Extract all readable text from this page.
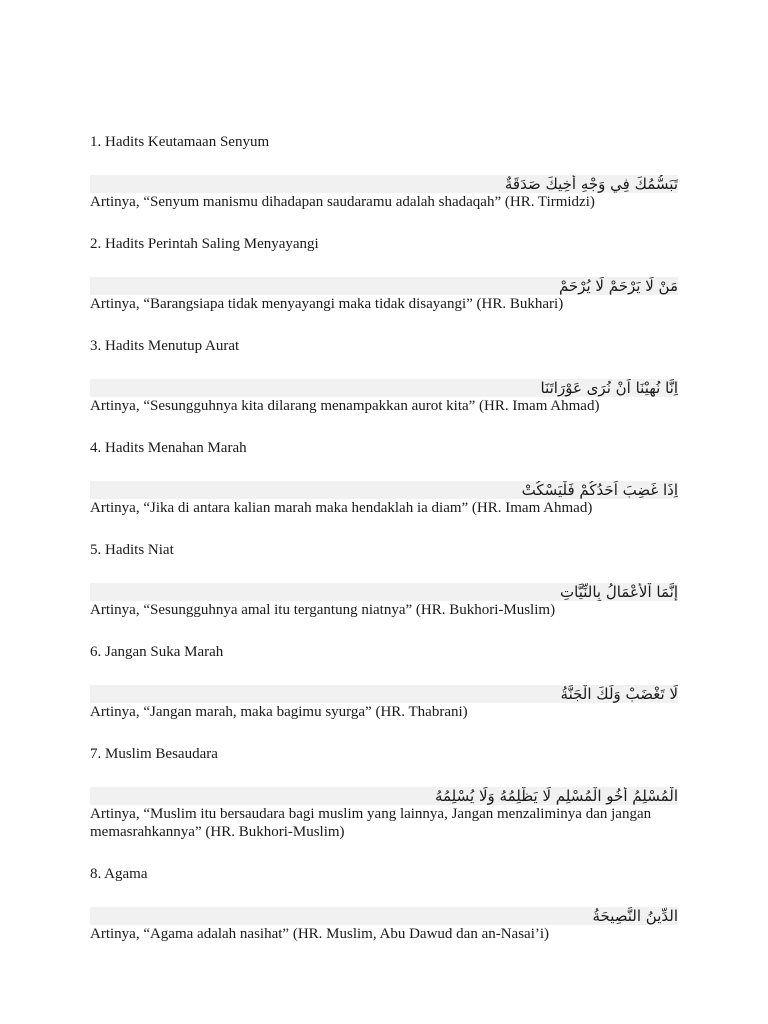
1. Hadits Keutamaan Senyum

تَبَسُّمُكَ فِي وَجْهِ أَخِيكَ صَدَقَةٌ

Artinya, “Senyum manismu dihadapan saudaramu adalah shadaqah” (HR. Tirmidzi)

2. Hadits Perintah Saling Menyayangi

مَنْ لَا يَرْحَمْ لَا يُرْحَمْ

Artinya, “Barangsiapa tidak menyayangi maka tidak disayangi” (HR. Bukhari)

3. Hadits Menutup Aurat

اِنَّا نُهِيْنَا اَنْ نُرَى عَوْرَاتَنَا

Artinya, “Sesungguhnya kita dilarang menampakkan aurot kita” (HR. Imam Ahmad)

4. Hadits Menahan Marah

اِذَا غَضِبَ اَحَدُكُمْ فَلْيَسْكُتْ

Artinya, “Jika di antara kalian marah maka hendaklah ia diam” (HR. Imam Ahmad)

5. Hadits Niat

إِنَّمَا اْلأَعْمَالُ بِالنِّيَّاتِ

Artinya, “Sesungguhnya amal itu tergantung niatnya” (HR. Bukhori-Muslim)

6. Jangan Suka Marah

لَا تَغْضَبْ وَلَكَ الْجَنَّةُ

Artinya, “Jangan marah, maka bagimu syurga” (HR. Thabrani)

7. Muslim Besaudara

الْمُسْلِمُ أَخُو الْمُسْلِمِ لَا يَظْلِمُهُ وَلَا يُسْلِمُهُ

Artinya, “Muslim itu bersaudara bagi muslim yang lainnya, Jangan menzaliminya dan jangan memasrahkannya” (HR. Bukhori-Muslim)

8. Agama

الدِّينُ النَّصِيحَةُ

Artinya, “Agama adalah nasihat” (HR. Muslim, Abu Dawud dan an-Nasai’i)
